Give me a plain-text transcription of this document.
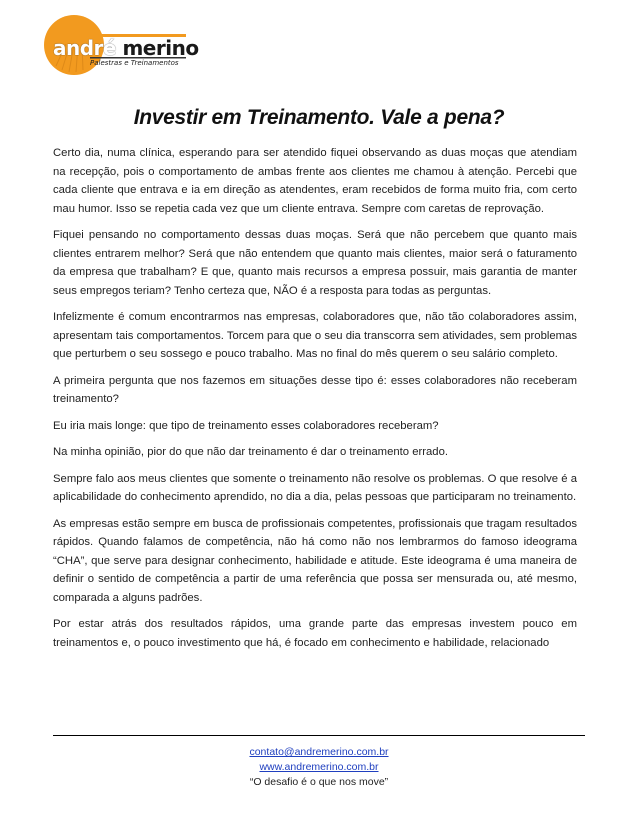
andré merino
Palestras e Treinamentos
Investir em Treinamento. Vale a pena?

Certo dia, numa clínica, esperando para ser atendido fiquei observando as duas moças que atendiam na recepção, pois o comportamento de ambas frente aos clientes me chamou à atenção. Percebi que cada cliente que entrava e ia em direção as atendentes, eram recebidos de forma muito fria, com certo mau humor. Isso se repetia cada vez que um cliente entrava. Sempre com caretas de reprovação.

Fiquei pensando no comportamento dessas duas moças. Será que não percebem que quanto mais clientes entrarem melhor? Será que não entendem que quanto mais clientes, maior será o faturamento da empresa que trabalham? E que, quanto mais recursos a empresa possuir, mais garantia de manter seus empregos teriam? Tenho certeza que, NÃO é a resposta para todas as perguntas.

Infelizmente é comum encontrarmos nas empresas, colaboradores que, não tão colaboradores assim, apresentam tais comportamentos. Torcem para que o seu dia transcorra sem atividades, sem problemas que perturbem o seu sossego e pouco trabalho. Mas no final do mês querem o seu salário completo.

A primeira pergunta que nos fazemos em situações desse tipo é: esses colaboradores não receberam treinamento?

Eu iria mais longe: que tipo de treinamento esses colaboradores receberam?

Na minha opinião, pior do que não dar treinamento é dar o treinamento errado.

Sempre falo aos meus clientes que somente o treinamento não resolve os problemas. O que resolve é a aplicabilidade do conhecimento aprendido, no dia a dia, pelas pessoas que participaram no treinamento.

As empresas estão sempre em busca de profissionais competentes, profissionais que tragam resultados rápidos. Quando falamos de competência, não há como não nos lembrarmos do famoso ideograma “CHA”, que serve para designar conhecimento, habilidade e atitude. Este ideograma é uma maneira de definir o sentido de competência a partir de uma referência que possa ser mensurada ou, até mesmo, comparada a alguns padrões.

Por estar atrás dos resultados rápidos, uma grande parte das empresas investem pouco em treinamentos e, o pouco investimento que há, é focado em conhecimento e habilidade, relacionado

contato@andremerino.com.br
www.andremerino.com.br
“O desafio é o que nos move”
